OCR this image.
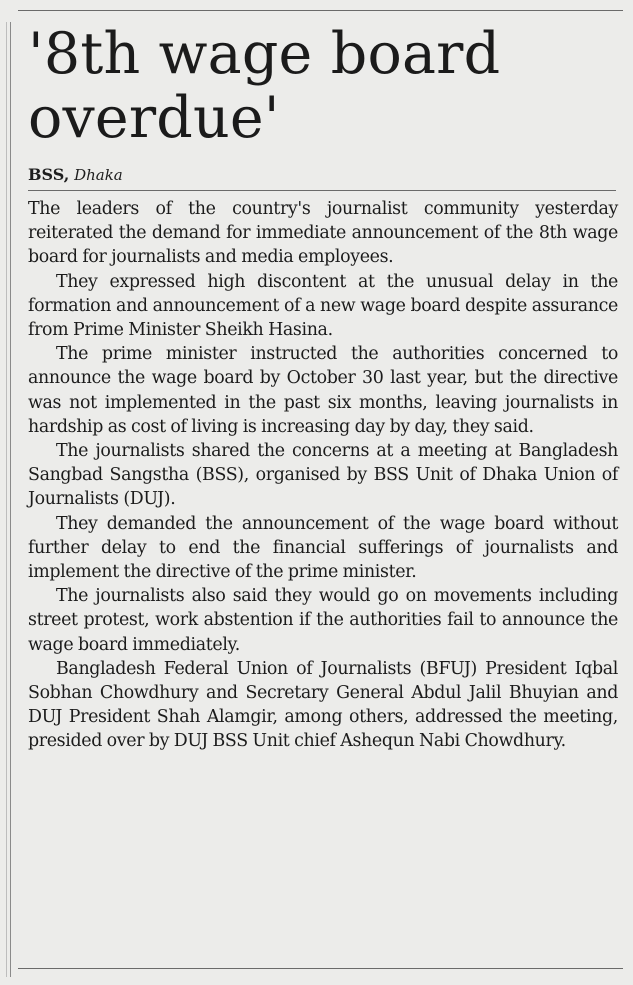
'8th wage board overdue'
BSS, Dhaka

The leaders of the country's journalist community yesterday reiterated the demand for immediate announcement of the 8th wage board for journalists and media employees.

They expressed high discontent at the unusual delay in the formation and announcement of a new wage board despite assurance from Prime Minister Sheikh Hasina.

The prime minister instructed the authorities concerned to announce the wage board by October 30 last year, but the directive was not implemented in the past six months, leaving journalists in hardship as cost of living is increasing day by day, they said.

The journalists shared the concerns at a meeting at Bangladesh Sangbad Sangstha (BSS), organised by BSS Unit of Dhaka Union of Journalists (DUJ).

They demanded the announcement of the wage board without further delay to end the financial sufferings of journalists and implement the directive of the prime minister.

The journalists also said they would go on movements including street protest, work abstention if the authorities fail to announce the wage board immediately.

Bangladesh Federal Union of Journalists (BFUJ) President Iqbal Sobhan Chowdhury and Secretary General Abdul Jalil Bhuyian and DUJ President Shah Alamgir, among others, addressed the meeting, presided over by DUJ BSS Unit chief Ashequn Nabi Chowdhury.
